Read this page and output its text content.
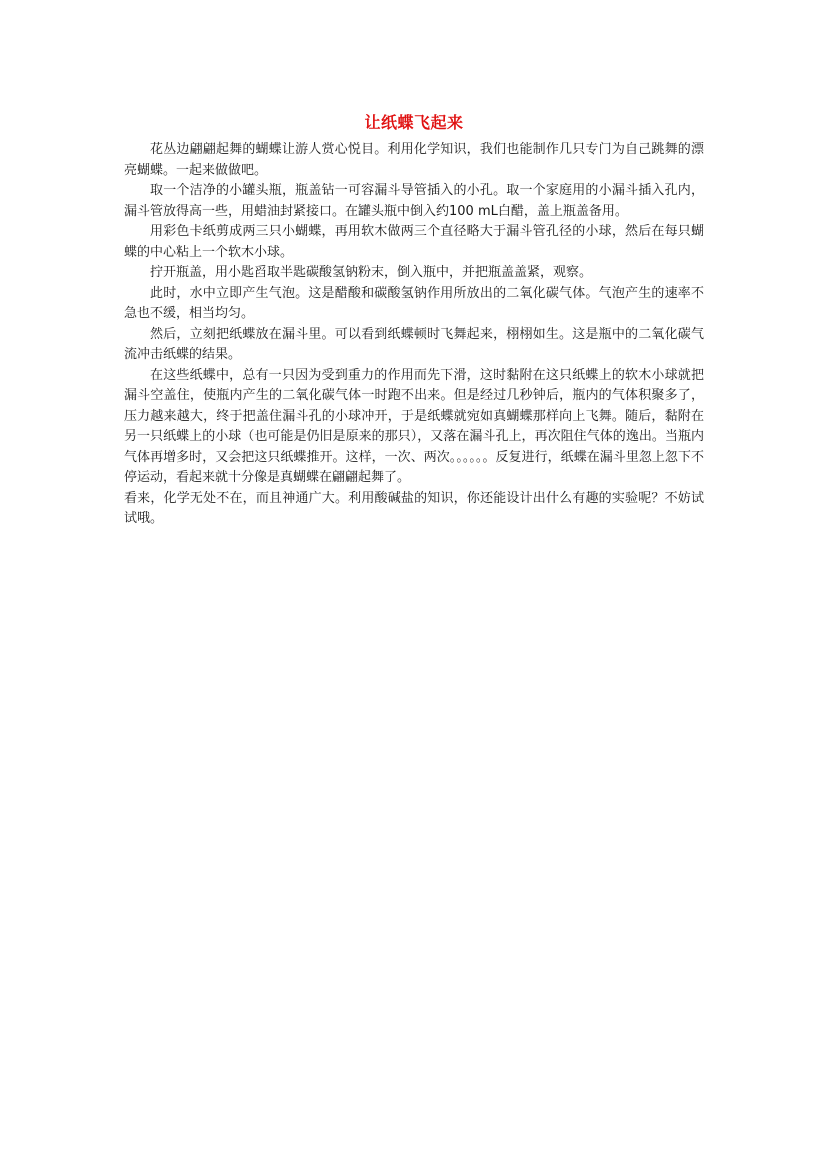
让纸蝶飞起来

花丛边翩翩起舞的蝴蝶让游人赏心悦目。利用化学知识，我们也能制作几只专门为自己跳舞的漂亮蝴蝶。一起来做做吧。

取一个洁净的小罐头瓶，瓶盖钻一可容漏斗导管插入的小孔。取一个家庭用的小漏斗插入孔内，漏斗管放得高一些，用蜡油封紧接口。在罐头瓶中倒入约100 mL白醋，盖上瓶盖备用。

用彩色卡纸剪成两三只小蝴蝶，再用软木做两三个直径略大于漏斗管孔径的小球，然后在每只蝴蝶的中心粘上一个软木小球。

拧开瓶盖，用小匙舀取半匙碳酸氢钠粉末，倒入瓶中，并把瓶盖盖紧，观察。

此时，水中立即产生气泡。这是醋酸和碳酸氢钠作用所放出的二氧化碳气体。气泡产生的速率不急也不缓，相当均匀。

然后，立刻把纸蝶放在漏斗里。可以看到纸蝶顿时飞舞起来，栩栩如生。这是瓶中的二氧化碳气流冲击纸蝶的结果。

在这些纸蝶中，总有一只因为受到重力的作用而先下滑，这时黏附在这只纸蝶上的软木小球就把漏斗空盖住，使瓶内产生的二氧化碳气体一时跑不出来。但是经过几秒钟后，瓶内的气体积聚多了，压力越来越大，终于把盖住漏斗孔的小球冲开，于是纸蝶就宛如真蝴蝶那样向上飞舞。随后，黏附在另一只纸蝶上的小球（也可能是仍旧是原来的那只），又落在漏斗孔上，再次阻住气体的逸出。当瓶内气体再增多时，又会把这只纸蝶推开。这样，一次、两次。。。。。。反复进行，纸蝶在漏斗里忽上忽下不停运动，看起来就十分像是真蝴蝶在翩翩起舞了。

看来，化学无处不在，而且神通广大。利用酸碱盐的知识，你还能设计出什么有趣的实验呢？不妨试试哦。
